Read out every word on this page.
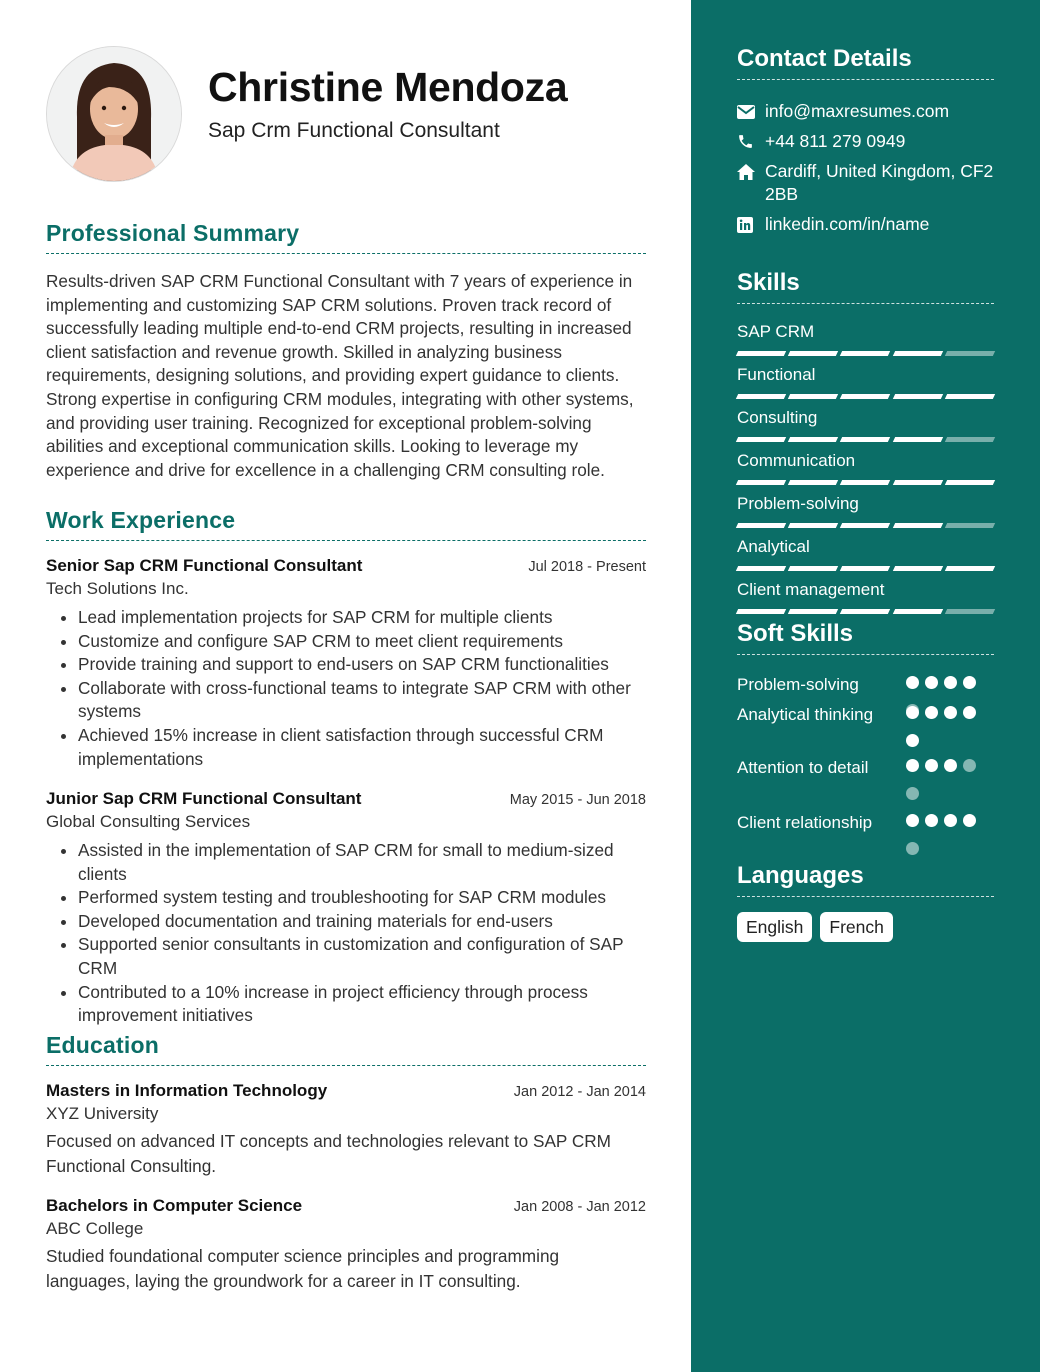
Christine Mendoza
Sap Crm Functional Consultant
Professional Summary
Results-driven SAP CRM Functional Consultant with 7 years of experience in implementing and customizing SAP CRM solutions. Proven track record of successfully leading multiple end-to-end CRM projects, resulting in increased client satisfaction and revenue growth. Skilled in analyzing business requirements, designing solutions, and providing expert guidance to clients. Strong expertise in configuring CRM modules, integrating with other systems, and providing user training. Recognized for exceptional problem-solving abilities and exceptional communication skills. Looking to leverage my experience and drive for excellence in a challenging CRM consulting role.
Work Experience
Senior Sap CRM Functional Consultant	Jul 2018 - Present
Tech Solutions Inc.
• Lead implementation projects for SAP CRM for multiple clients
• Customize and configure SAP CRM to meet client requirements
• Provide training and support to end-users on SAP CRM functionalities
• Collaborate with cross-functional teams to integrate SAP CRM with other systems
• Achieved 15% increase in client satisfaction through successful CRM implementations
Junior Sap CRM Functional Consultant	May 2015 - Jun 2018
Global Consulting Services
• Assisted in the implementation of SAP CRM for small to medium-sized clients
• Performed system testing and troubleshooting for SAP CRM modules
• Developed documentation and training materials for end-users
• Supported senior consultants in customization and configuration of SAP CRM
• Contributed to a 10% increase in project efficiency through process improvement initiatives
Education
Masters in Information Technology	Jan 2012 - Jan 2014
XYZ University
Focused on advanced IT concepts and technologies relevant to SAP CRM Functional Consulting.
Bachelors in Computer Science	Jan 2008 - Jan 2012
ABC College
Studied foundational computer science principles and programming languages, laying the groundwork for a career in IT consulting.
Contact Details
info@maxresumes.com
+44 811 279 0949
Cardiff, United Kingdom, CF2 2BB
linkedin.com/in/name
Skills
SAP CRM
Functional
Consulting
Communication
Problem-solving
Analytical
Client management
Soft Skills
Problem-solving
Analytical thinking
Attention to detail
Client relationship
Languages
English	French
